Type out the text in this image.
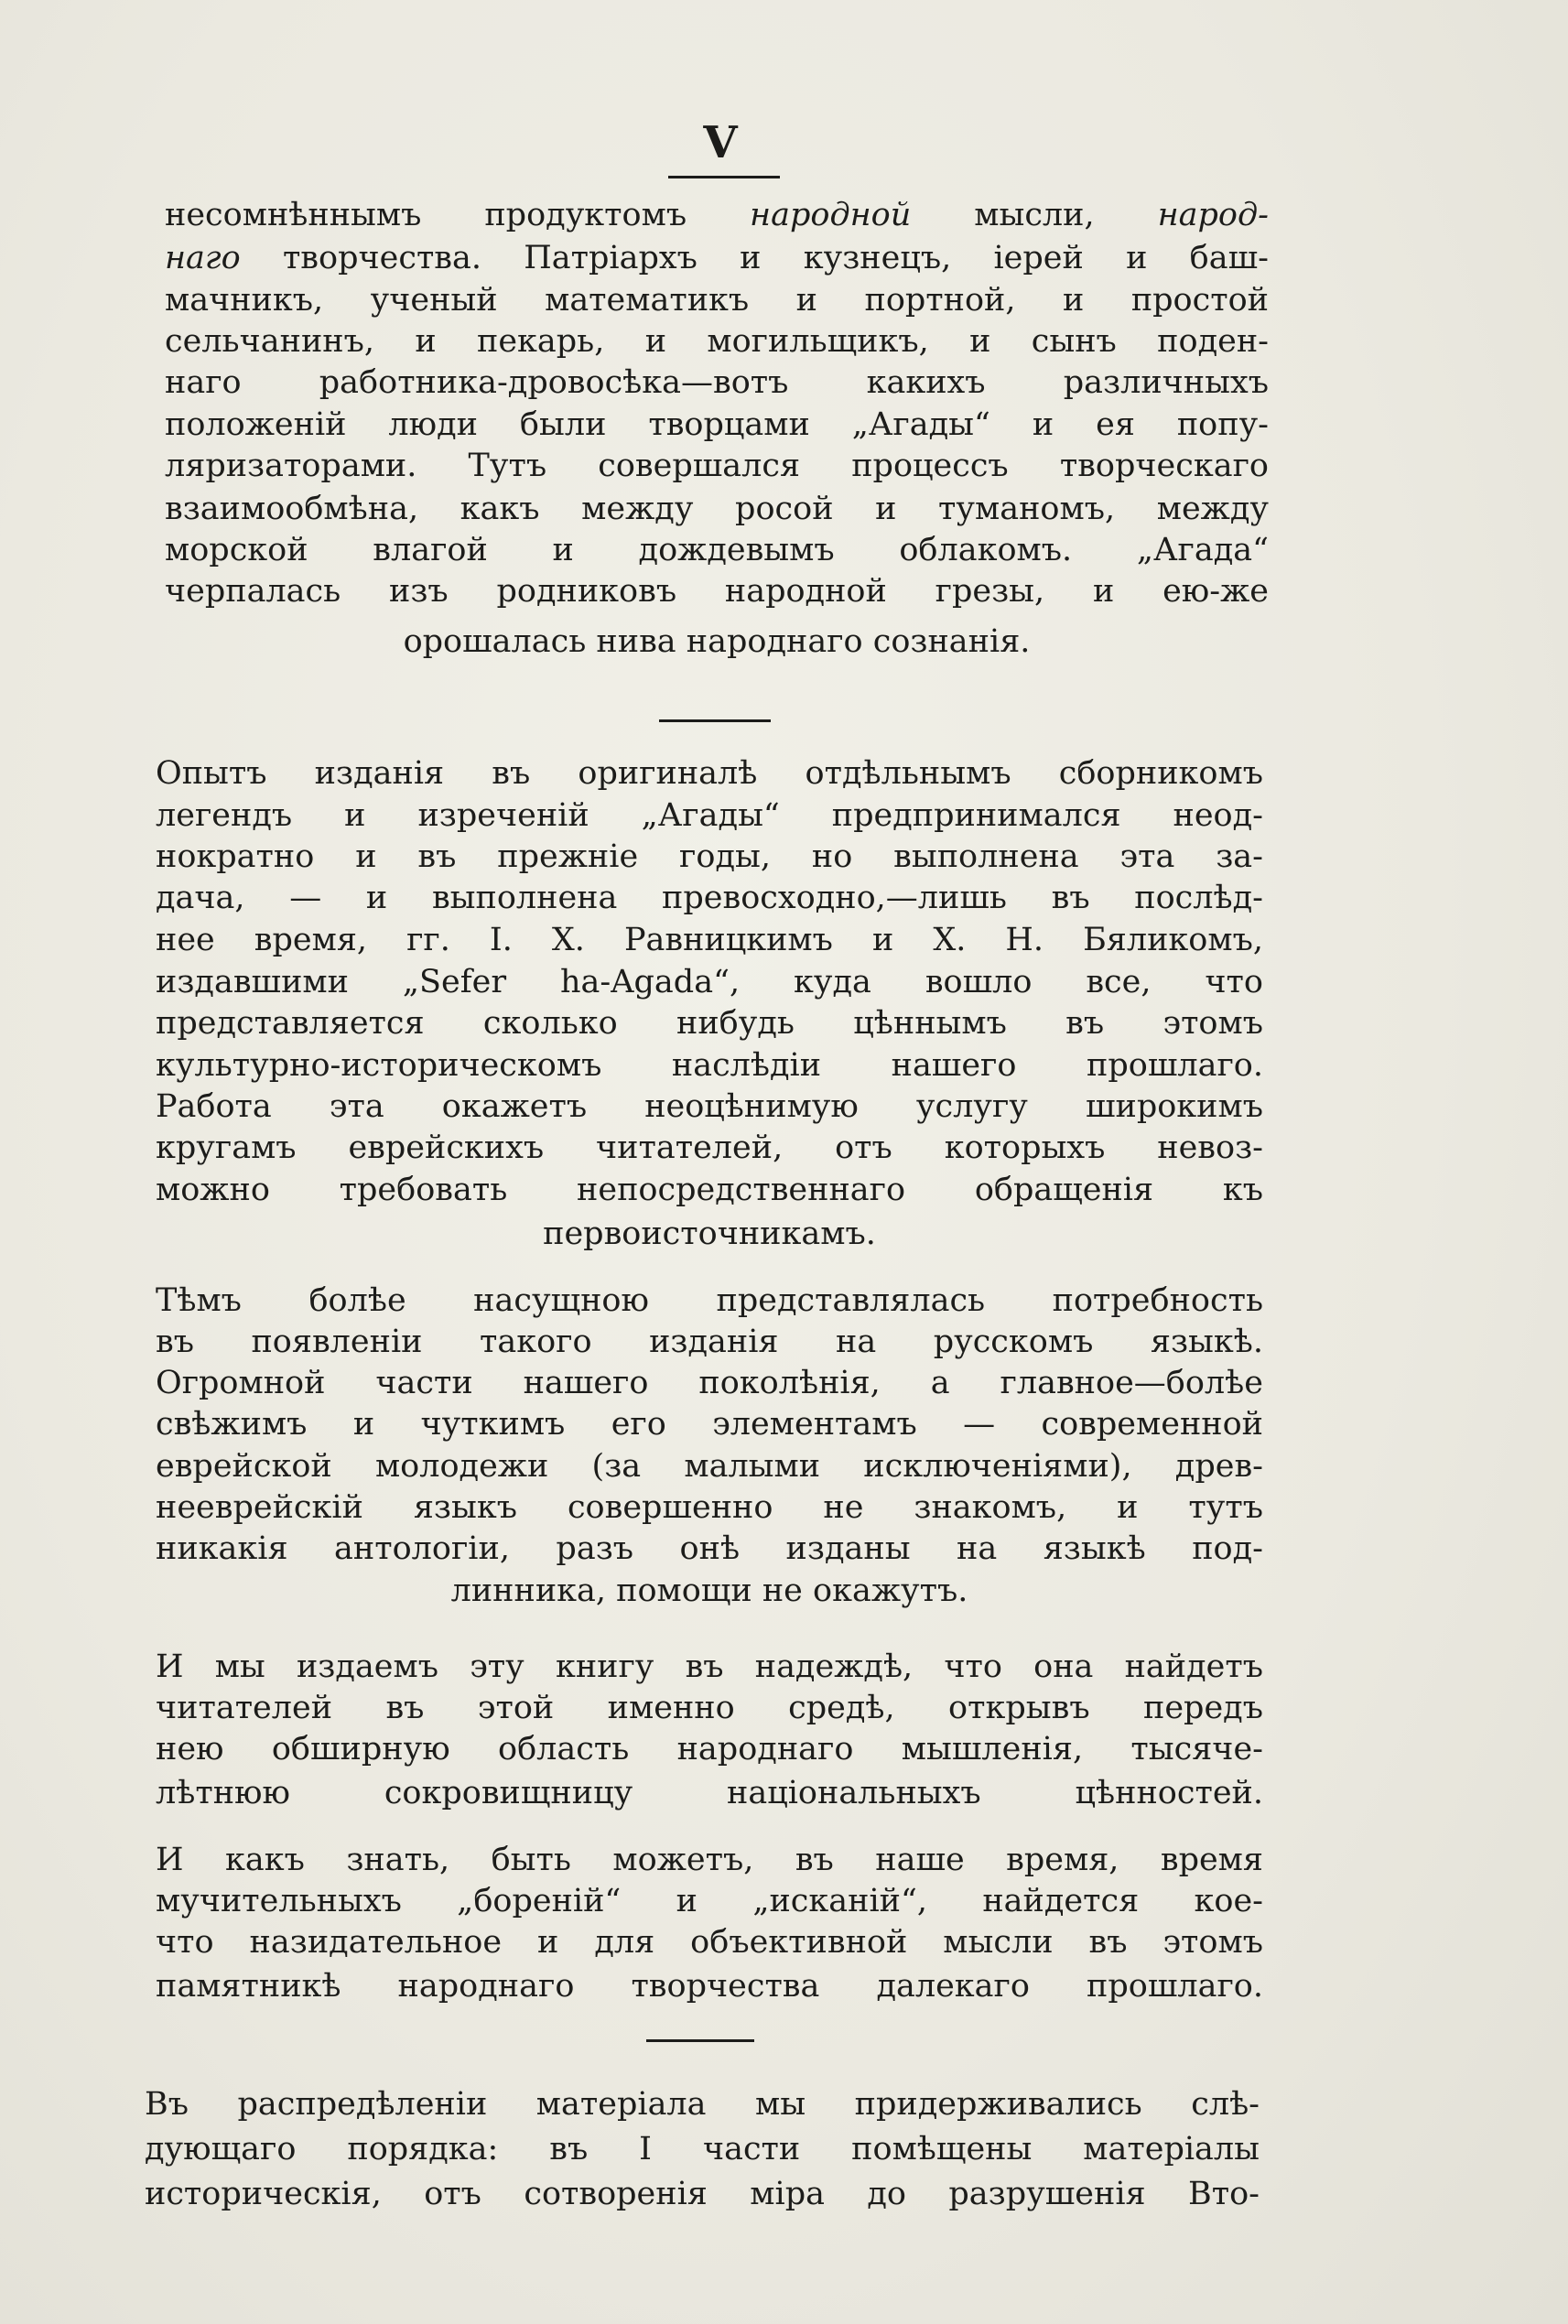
V
несомнѣннымъ продуктомъ народной мысли, народ-
наго творчества. Патріархъ и кузнецъ, іерей и баш-
мачникъ, ученый математикъ и портной, и простой
сельчанинъ, и пекарь, и могильщикъ, и сынъ поден-
наго работника-дровосѣка—вотъ какихъ различныхъ
положеній люди были творцами „Агады“ и ея попу-
ляризаторами. Тутъ совершался процессъ творческаго
взаимообмѣна, какъ между росой и туманомъ, между
морской влагой и дождевымъ облакомъ. „Агада“
черпалась изъ родниковъ народной грезы, и ею-же
орошалась нива народнаго сознанія.
Опытъ изданія въ оригиналѣ отдѣльнымъ сборникомъ
легендъ и изреченій „Агады“ предпринимался неод-
нократно и въ прежніе годы, но выполнена эта за-
дача, — и выполнена превосходно,—лишь въ послѣд-
нее время, гг. І. Х. Равницкимъ и Х. Н. Бяликомъ,
издавшими „Sefer ha-Agada“, куда вошло все, что
представляется сколько нибудь цѣннымъ въ этомъ
культурно-историческомъ наслѣдіи нашего прошлаго.
Работа эта окажетъ неоцѣнимую услугу широкимъ
кругамъ еврейскихъ читателей, отъ которыхъ невоз-
можно требовать непосредственнаго обращенія къ
первоисточникамъ.
Тѣмъ болѣе насущною представлялась потребность
въ появленіи такого изданія на русскомъ языкѣ.
Огромной части нашего поколѣнія, а главное—болѣе
свѣжимъ и чуткимъ его элементамъ — современной
еврейской молодежи (за малыми исключеніями), древ-
нееврейскій языкъ совершенно не знакомъ, и тутъ
никакія антологіи, разъ онѣ изданы на языкѣ под-
линника, помощи не окажутъ.
И мы издаемъ эту книгу въ надеждѣ, что она найдетъ
читателей въ этой именно средѣ, открывъ передъ
нею обширную область народнаго мышленія, тысяче-
лѣтнюю сокровищницу національныхъ цѣнностей.
И какъ знать, быть можетъ, въ наше время, время
мучительныхъ „бореній“ и „исканій“, найдется кое-
что назидательное и для объективной мысли въ этомъ
памятникѣ народнаго творчества далекаго прошлаго.
Въ распредѣленіи матеріала мы придерживались слѣ-
дующаго порядка: въ І части помѣщены матеріалы
историческія, отъ сотворенія міра до разрушенія Вто-
